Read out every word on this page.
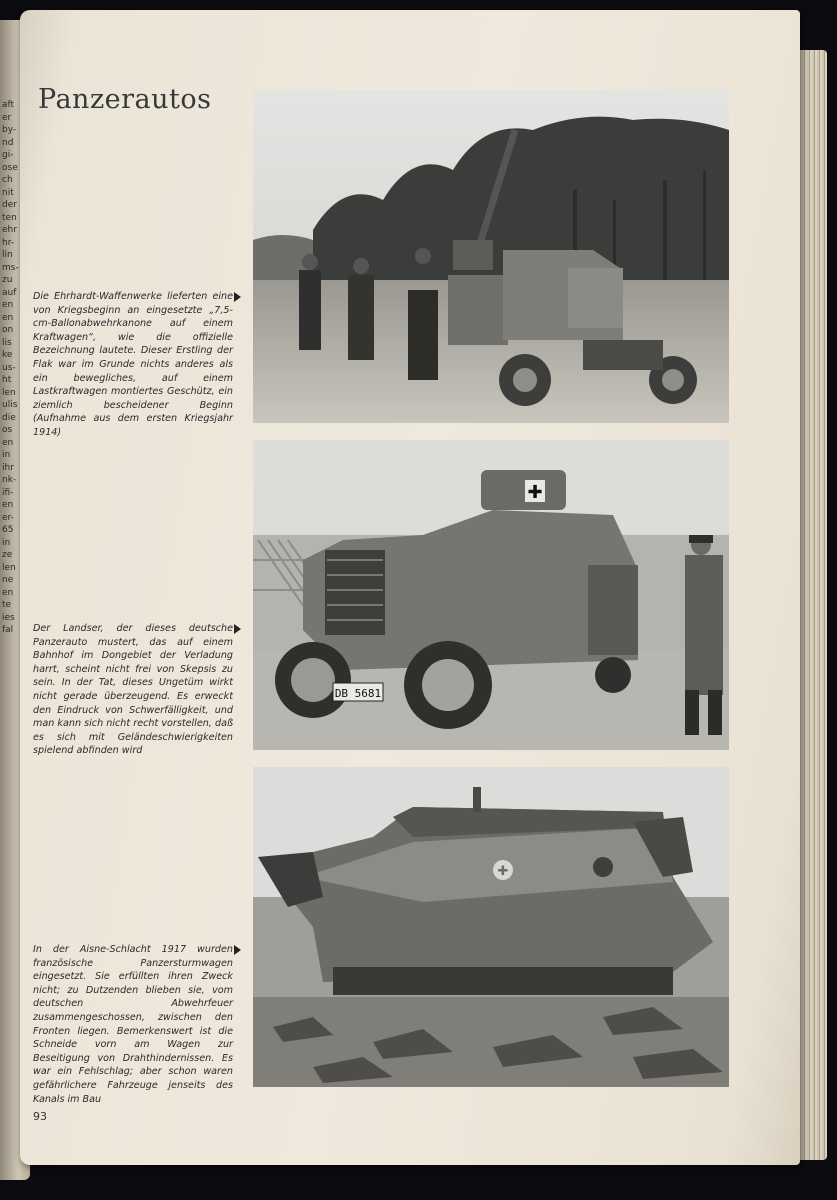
aft
er
by-
nd
gi-
ose
ch
nit
der
ten
ehr
hr-
lin
ms-
zu
auf
en
en
on
lis
ke
us-
ht
len
ulis
die
os
en
in
ihr
nk-
ifi-
en
er-
65
in
ze
len
ne
en
te
ies
fal
Panzerautos

Die Ehrhardt-Waffenwerke lieferten eine von Kriegsbeginn an eingesetzte „7,5-cm-Ballonabwehrkanone auf einem Kraftwagen“, wie die offizielle Bezeichnung lautete. Dieser Erstling der Flak war im Grunde nichts anderes als ein bewegliches, auf einem Lastkraftwagen montiertes Geschütz, ein ziemlich bescheidener Beginn (Aufnahme aus dem ersten Kriegsjahr 1914)

✚
DB 5681

Der Landser, der dieses deutsche Panzerauto mustert, das auf einem Bahnhof im Dongebiet der Verladung harrt, scheint nicht frei von Skepsis zu sein. In der Tat, dieses Ungetüm wirkt nicht gerade überzeugend. Es erweckt den Eindruck von Schwerfälligkeit, und man kann sich nicht recht vorstellen, daß es sich mit Geländeschwierigkeiten spielend abfinden wird

✚

In der Aisne-Schlacht 1917 wurden französische Panzersturmwagen eingesetzt. Sie erfüllten ihren Zweck nicht; zu Dutzenden blieben sie, vom deutschen Abwehrfeuer zusammengeschossen, zwischen den Fronten liegen. Bemerkenswert ist die Schneide vorn am Wagen zur Beseitigung von Drahthindernissen. Es war ein Fehlschlag; aber schon waren gefährlichere Fahrzeuge jenseits des Kanals im Bau

93
